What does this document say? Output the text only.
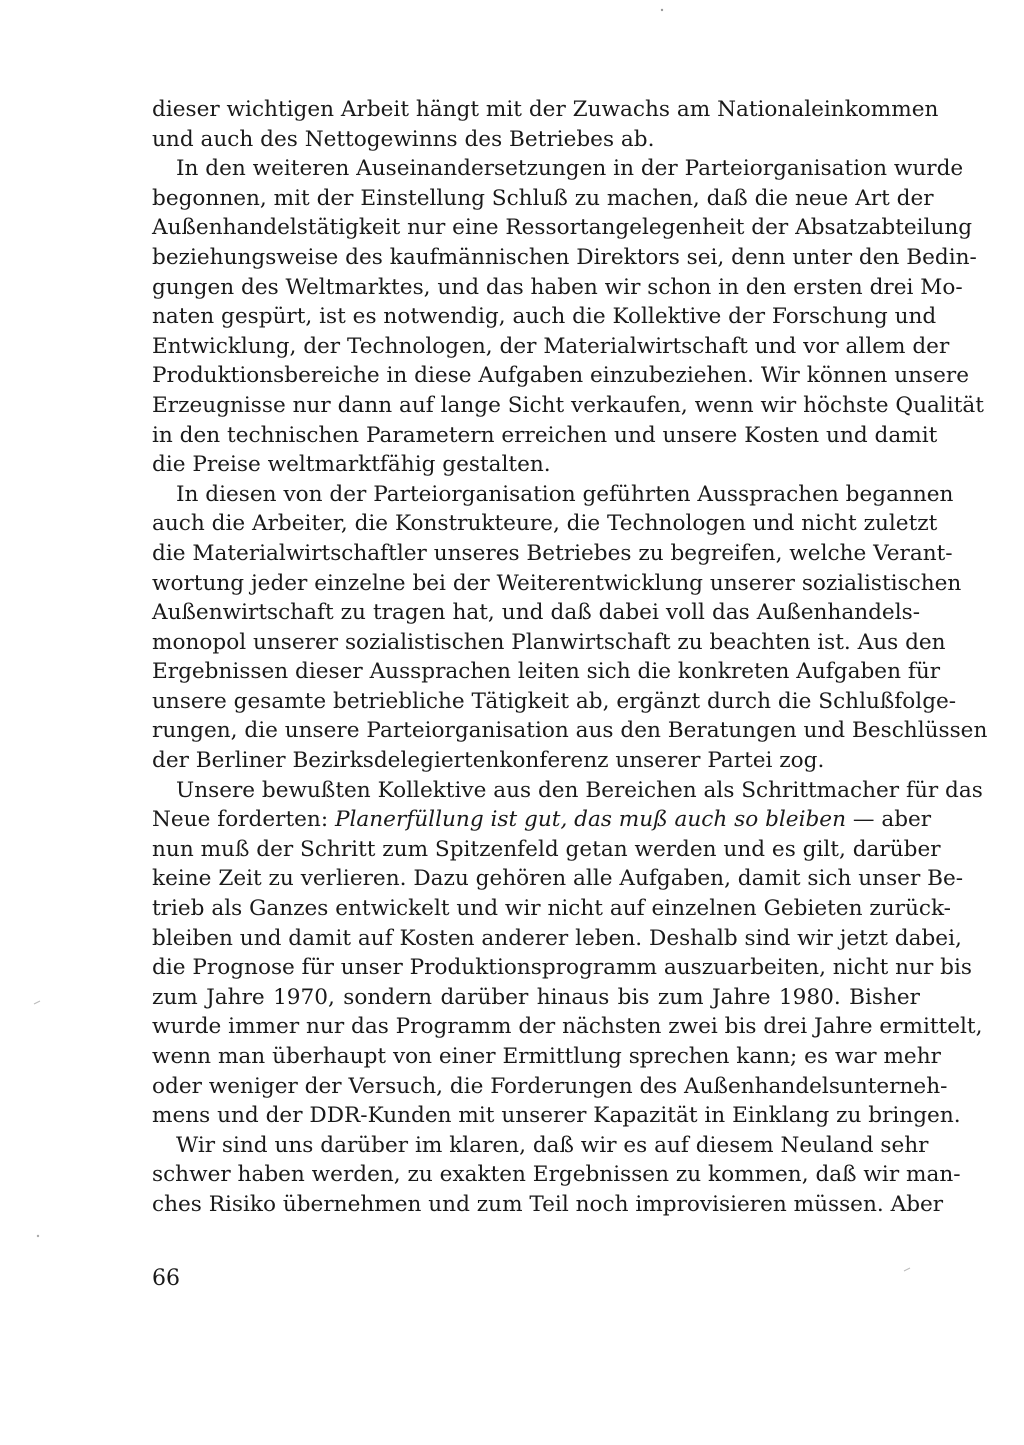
dieser wichtigen Arbeit hängt mit der Zuwachs am Nationaleinkommen
und auch des Nettogewinns des Betriebes ab.
In den weiteren Auseinandersetzungen in der Parteiorganisation wurde
begonnen, mit der Einstellung Schluß zu machen, daß die neue Art der
Außenhandelstätigkeit nur eine Ressortangelegenheit der Absatzabteilung
beziehungsweise des kaufmännischen Direktors sei, denn unter den Bedin-
gungen des Weltmarktes, und das haben wir schon in den ersten drei Mo-
naten gespürt, ist es notwendig, auch die Kollektive der Forschung und
Entwicklung, der Technologen, der Materialwirtschaft und vor allem der
Produktionsbereiche in diese Aufgaben einzubeziehen. Wir können unsere
Erzeugnisse nur dann auf lange Sicht verkaufen, wenn wir höchste Qualität
in den technischen Parametern erreichen und unsere Kosten und damit
die Preise weltmarktfähig gestalten.
In diesen von der Parteiorganisation geführten Aussprachen begannen
auch die Arbeiter, die Konstrukteure, die Technologen und nicht zuletzt
die Materialwirtschaftler unseres Betriebes zu begreifen, welche Verant-
wortung jeder einzelne bei der Weiterentwicklung unserer sozialistischen
Außenwirtschaft zu tragen hat, und daß dabei voll das Außenhandels-
monopol unserer sozialistischen Planwirtschaft zu beachten ist. Aus den
Ergebnissen dieser Aussprachen leiten sich die konkreten Aufgaben für
unsere gesamte betriebliche Tätigkeit ab, ergänzt durch die Schlußfolge-
rungen, die unsere Parteiorganisation aus den Beratungen und Beschlüssen
der Berliner Bezirksdelegiertenkonferenz unserer Partei zog.
Unsere bewußten Kollektive aus den Bereichen als Schrittmacher für das
Neue forderten: Planerfüllung ist gut, das muß auch so bleiben — aber
nun muß der Schritt zum Spitzenfeld getan werden und es gilt, darüber
keine Zeit zu verlieren. Dazu gehören alle Aufgaben, damit sich unser Be-
trieb als Ganzes entwickelt und wir nicht auf einzelnen Gebieten zurück-
bleiben und damit auf Kosten anderer leben. Deshalb sind wir jetzt dabei,
die Prognose für unser Produktionsprogramm auszuarbeiten, nicht nur bis
zum Jahre 1970, sondern darüber hinaus bis zum Jahre 1980. Bisher
wurde immer nur das Programm der nächsten zwei bis drei Jahre ermittelt,
wenn man überhaupt von einer Ermittlung sprechen kann; es war mehr
oder weniger der Versuch, die Forderungen des Außenhandelsunterneh-
mens und der DDR-Kunden mit unserer Kapazität in Einklang zu bringen.
Wir sind uns darüber im klaren, daß wir es auf diesem Neuland sehr
schwer haben werden, zu exakten Ergebnissen zu kommen, daß wir man-
ches Risiko übernehmen und zum Teil noch improvisieren müssen. Aber
66
